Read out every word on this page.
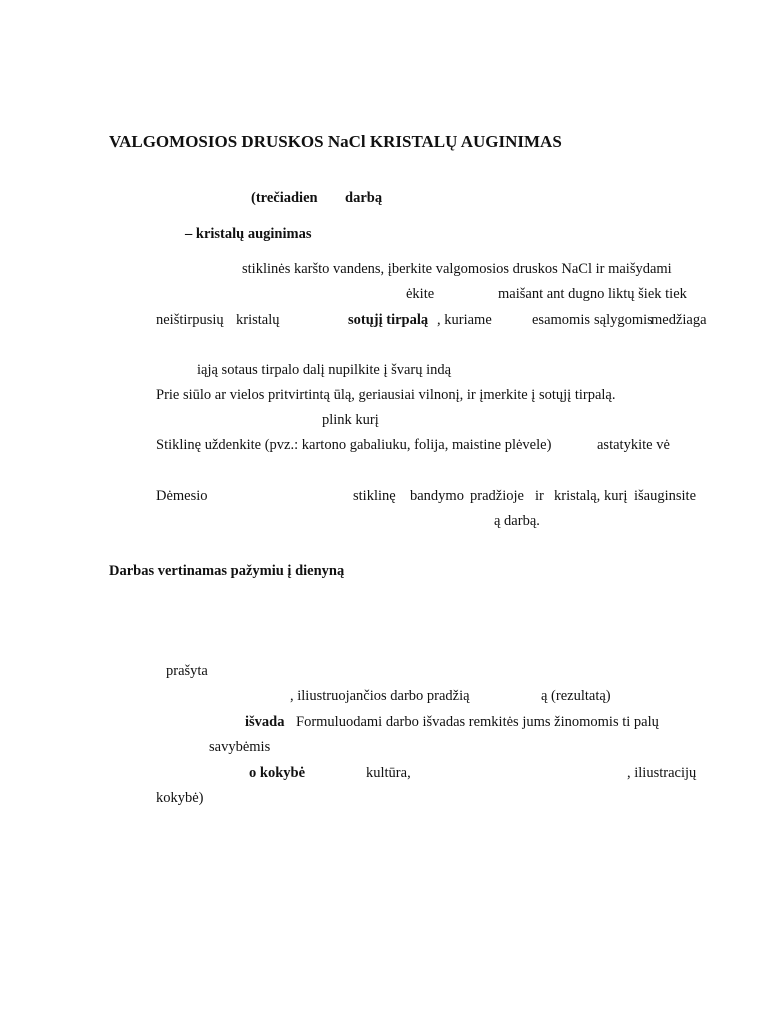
VALGOMOSIOS DRUSKOS NaCl KRISTALŲ AUGINIMAS
(trečiadien darbą
– kristalų auginimas
stiklinės karšto vandens, įberkite valgomosios druskos NaCl ir maišydami
ėkite	maišant ant dugno liktų šiek tiek
neištirpusių kristalų	sotųjį tirpalą , kuriame	esamomis sąlygomis
medžiaga
iąją sotaus tirpalo dalį nupilkite į švarų indą
Prie siūlo ar vielos pritvirtintą ūlą, geriausiai vilnonį, ir įmerkite į sotųjį tirpalą.
plink kurį
Stiklinę uždenkite (pvz.: kartono gabaliuku, folija, maistine plėvele)	astatykite vė
Dėmesio	stiklinę bandymo pradžioje ir kristalą, kurį išauginsite
ą darbą.
Darbas vertinamas pažymiu į dienyną
prašyta
, iliustruojančios darbo pradžią	ą (rezultatą)
išvada Formuluodami darbo išvadas remkitės jums žinomomis ti palų
savybėmis
o kokybė	kultūra,	, iliustracijų
kokybė)
